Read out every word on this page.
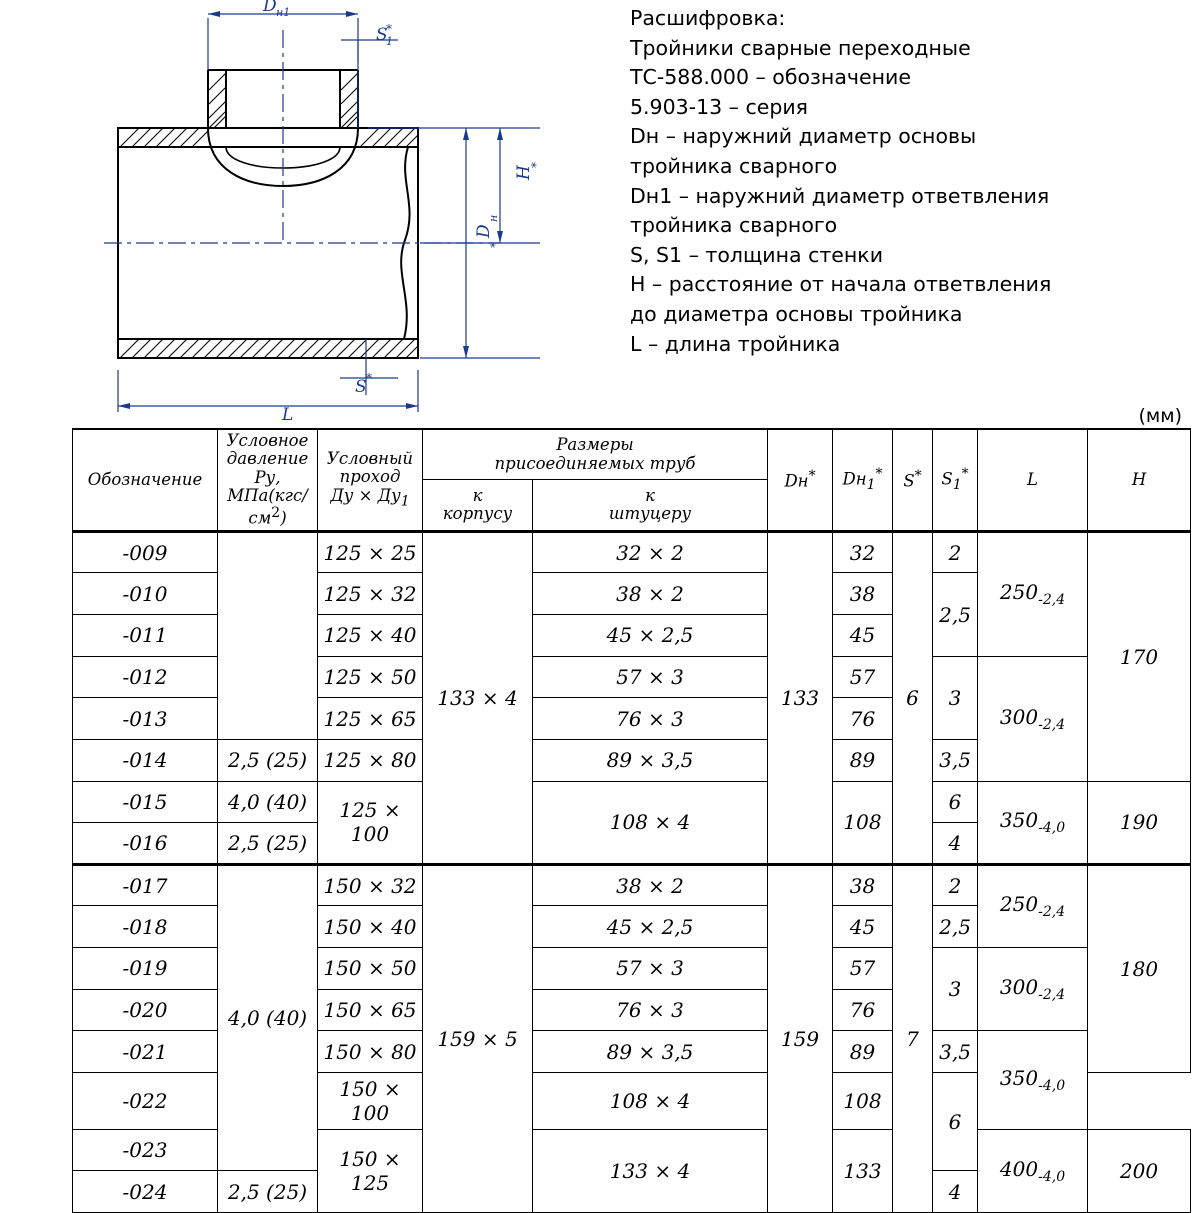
D н1
S
1
*
H
*
D
н
*
S *
L
Расшифровка:
Тройники сварные переходные
ТС-588.000 – обозначение
5.903-13 – серия
Dн – наружний диаметр основы
тройника сварного
Dн1 – наружний диаметр ответвления
тройника сварного
S, S1 – толщина стенки
H – расстояние от начала ответвления
до диаметра основы тройника
L – длина тройника
(мм)
Обозначение	Условное
давление
Ру,
$МПа(кгс/см^2)$	Условный
проход
Ду × $Ду_1$	Размеры
присоединяемых труб		Dн*	$Dн_1^*$	S*	$S_1^*$	L	H
			к
корпусу	к
штуцеру						
-009		125 × 25	133 × 4	32 × 2	133	32	6	2	$250_{-2,4}$	170
-010		125 × 32		38 × 2		38		2,5		
-011		125 × 40		45 × 2,5		45				
-012		125 × 50		57 × 3		57		3	$300_{-2,4}$
-013		125 × 65		76 × 3		76				
-014	2,5 (25)	125 × 80		89 × 3,5		89		3,5		
-015	4,0 (40)	125 × 100		108 × 4		108		6	$350_{-4,0}$	190
-016	2,5 (25)							4		
-017	4,0 (40)	150 × 32	159 × 5	38 × 2	159	38	7	2	$250_{-2,4}$	180
-018		150 × 40		45 × 2,5		45		2,5		
-019		150 × 50		57 × 3		57		3	$300_{-2,4}$
-020		150 × 65		76 × 3		76				
-021		150 × 80		89 × 3,5		89		3,5	$350_{-4,0}$
-022		150 × 100		108 × 4		108		6		
-023		150 × 125		133 × 4		133			$400_{-4,0}$	200
-024	2,5 (25)							4		
